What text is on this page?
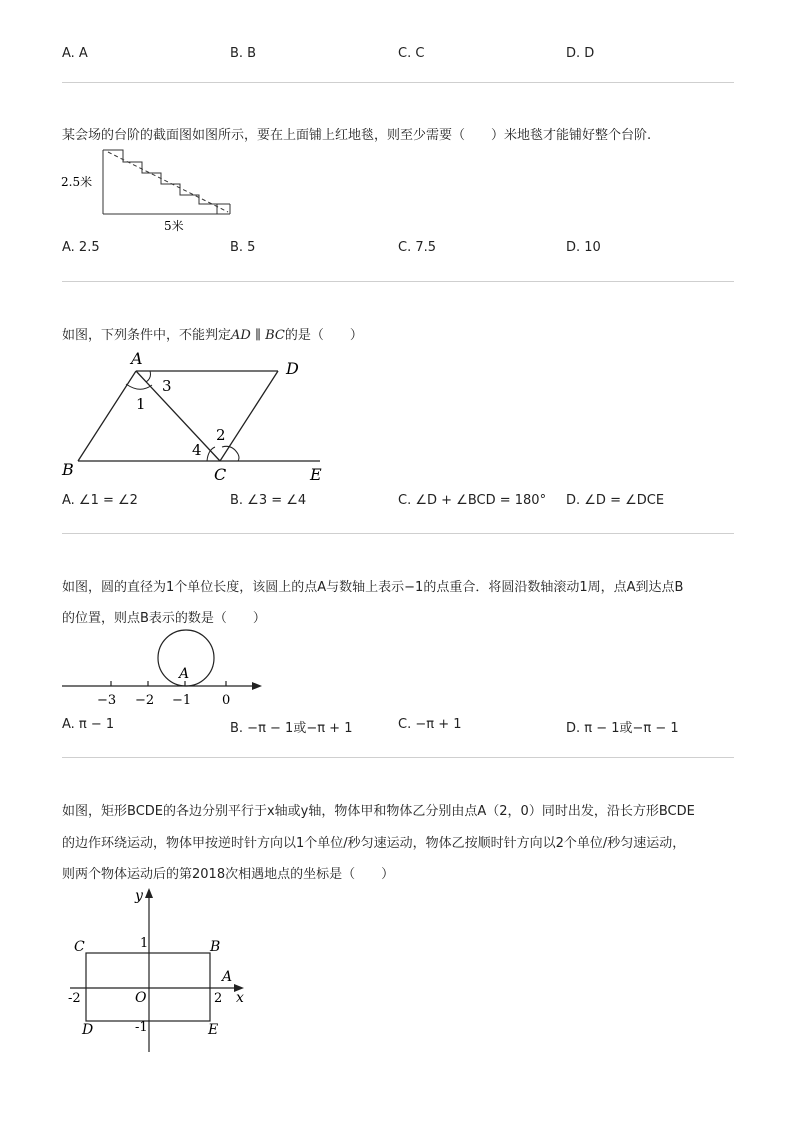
A. A	B. B	C. C	D. D
某会场的台阶的截面图如图所示，要在上面铺上红地毯，则至少需要（　　）米地毯才能铺好整个台阶.
2.5米
5米
A. 2.5	B. 5	C. 7.5	D. 10
如图，下列条件中，不能判定AD ∥ BC的是（　　）
A
D
B	C	E
1
3
2
4
A. ∠1 = ∠2	B. ∠3 = ∠4	C. ∠D + ∠BCD = 180° D. ∠D = ∠DCE
如图，圆的直径为1个单位长度，该圆上的点A与数轴上表示−1的点重合．将圆沿数轴滚动1周，点A到达点B
的位置，则点B表示的数是（　　）
A
−3 −2 −1 0
A. π − 1	B. −π − 1或−π + 1	C. −π + 1	D. π − 1或−π − 1
如图，矩形BCDE的各边分别平行于x轴或y轴，物体甲和物体乙分别由点A（2，0）同时出发，沿长方形BCDE
的边作环绕运动，物体甲按逆时针方向以1个单位/秒匀速运动，物体乙按顺时针方向以2个单位/秒匀速运动，
则两个物体运动后的第2018次相遇地点的坐标是（　　）
y
x
C	B
A
D	E
O
1
-1
2
-2
